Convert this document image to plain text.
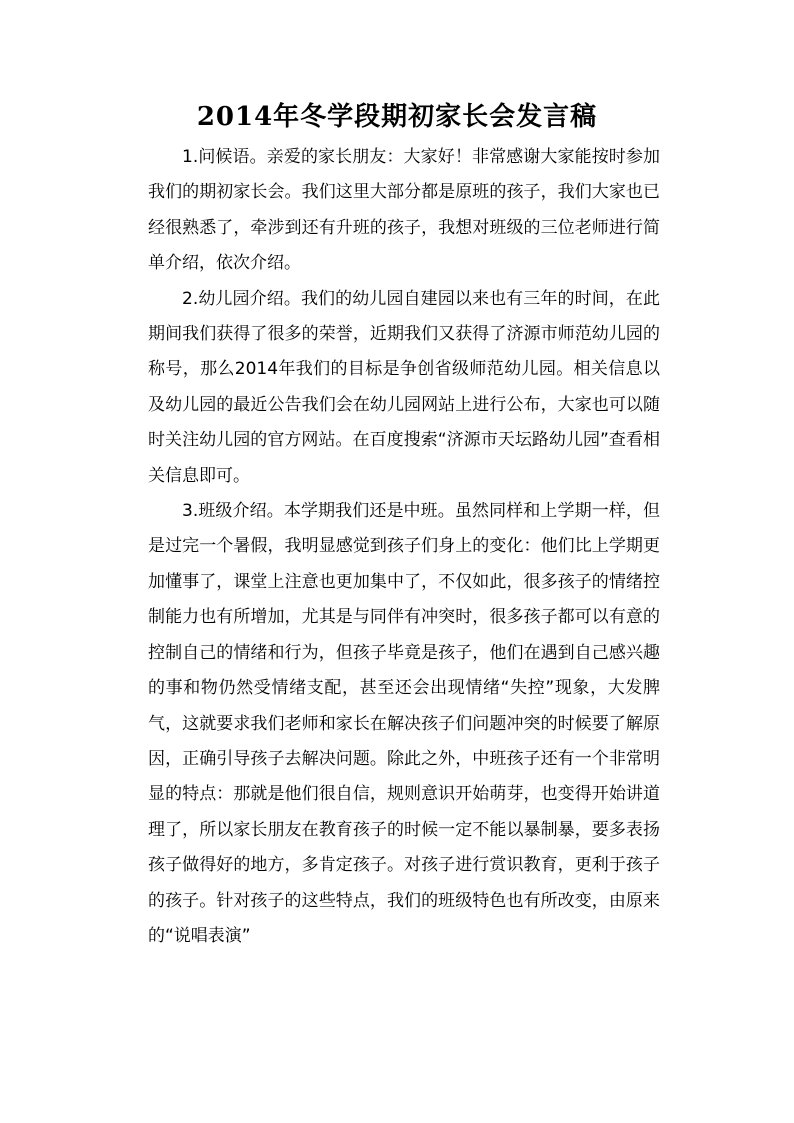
2014年冬学段期初家长会发言稿

1.问候语。亲爱的家长朋友：大家好！非常感谢大家能按时参加我们的期初家长会。我们这里大部分都是原班的孩子，我们大家也已经很熟悉了，牵涉到还有升班的孩子，我想对班级的三位老师进行简单介绍，依次介绍。

2.幼儿园介绍。我们的幼儿园自建园以来也有三年的时间，在此期间我们获得了很多的荣誉，近期我们又获得了济源市师范幼儿园的称号，那么2014年我们的目标是争创省级师范幼儿园。相关信息以及幼儿园的最近公告我们会在幼儿园网站上进行公布，大家也可以随时关注幼儿园的官方网站。在百度搜索“济源市天坛路幼儿园”查看相关信息即可。

3.班级介绍。本学期我们还是中班。虽然同样和上学期一样，但是过完一个暑假，我明显感觉到孩子们身上的变化：他们比上学期更加懂事了，课堂上注意也更加集中了，不仅如此，很多孩子的情绪控制能力也有所增加，尤其是与同伴有冲突时，很多孩子都可以有意的控制自己的情绪和行为，但孩子毕竟是孩子，他们在遇到自己感兴趣的事和物仍然受情绪支配，甚至还会出现情绪“失控”现象，大发脾气，这就要求我们老师和家长在解决孩子们问题冲突的时候要了解原因，正确引导孩子去解决问题。除此之外，中班孩子还有一个非常明显的特点：那就是他们很自信，规则意识开始萌芽，也变得开始讲道理了，所以家长朋友在教育孩子的时候一定不能以暴制暴，要多表扬孩子做得好的地方，多肯定孩子。对孩子进行赏识教育，更利于孩子的孩子。针对孩子的这些特点，我们的班级特色也有所改变，由原来的“说唱表演”
